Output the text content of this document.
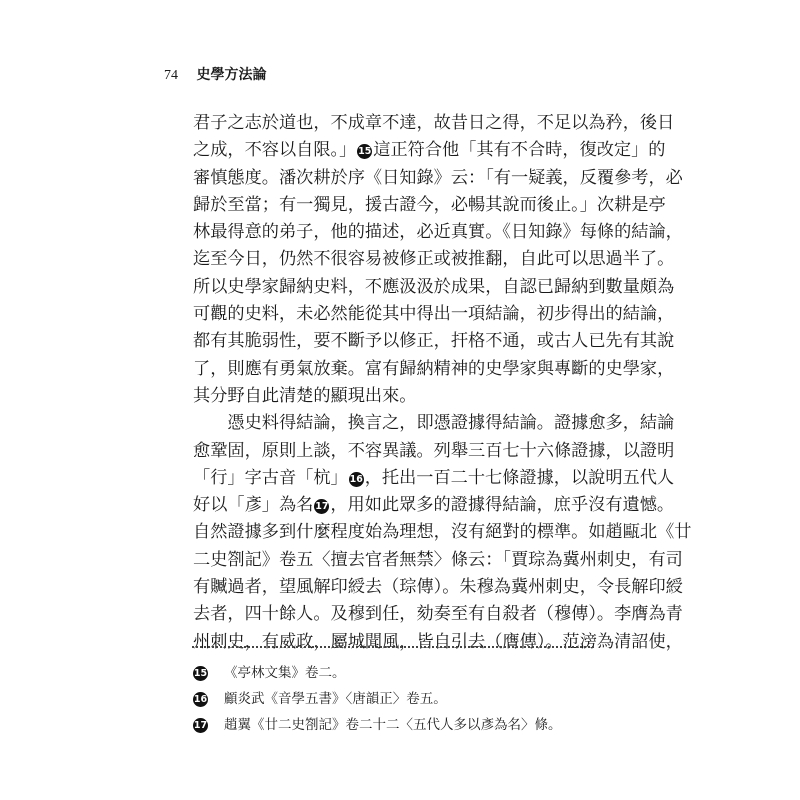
74 史學方法論
君子之志於道也，不成章不達，故昔日之得，不足以為矜，後日
之成，不容以自限。」 15 這正符合他「其有不合時，復改定」的
審慎態度。潘次耕於序《日知錄》云：「有一疑義，反覆參考，必
歸於至當；有一獨見，援古證今，必暢其說而後止。」次耕是亭
林最得意的弟子，他的描述，必近真實。《日知錄》每條的結論，
迄至今日，仍然不很容易被修正或被推翻，自此可以思過半了。
所以史學家歸納史料，不應汲汲於成果，自認已歸納到數量頗為
可觀的史料，未必然能從其中得出一項結論，初步得出的結論，
都有其脆弱性，要不斷予以修正，扞格不通，或古人已先有其說
了，則應有勇氣放棄。富有歸納精神的史學家與專斷的史學家，
其分野自此清楚的顯現出來。
　　憑史料得結論，換言之，即憑證據得結論。證據愈多，結論
愈鞏固，原則上談，不容異議。列舉三百七十六條證據，以證明
「行」字古音「杭」 16 ，托出一百二十七條證據，以說明五代人
好以「彥」為名 17 ，用如此眾多的證據得結論，庶乎沒有遺憾。
自然證據多到什麼程度始為理想，沒有絕對的標準。如趙甌北《廿
二史劄記》卷五〈擅去官者無禁〉條云：「賈琮為冀州刺史，有司
有贓過者，望風解印綬去（琮傳）。朱穆為冀州刺史，令長解印綬
去者，四十餘人。及穆到任，劾奏至有自殺者（穆傳）。李膺為青
州刺史，有威政，屬城聞風，皆自引去（膺傳）。范滂為清詔使，
15 《亭林文集》卷二。
16 顧炎武《音學五書》〈唐韻正〉卷五。
17 趙翼《廿二史劄記》卷二十二〈五代人多以彥為名〉條。
